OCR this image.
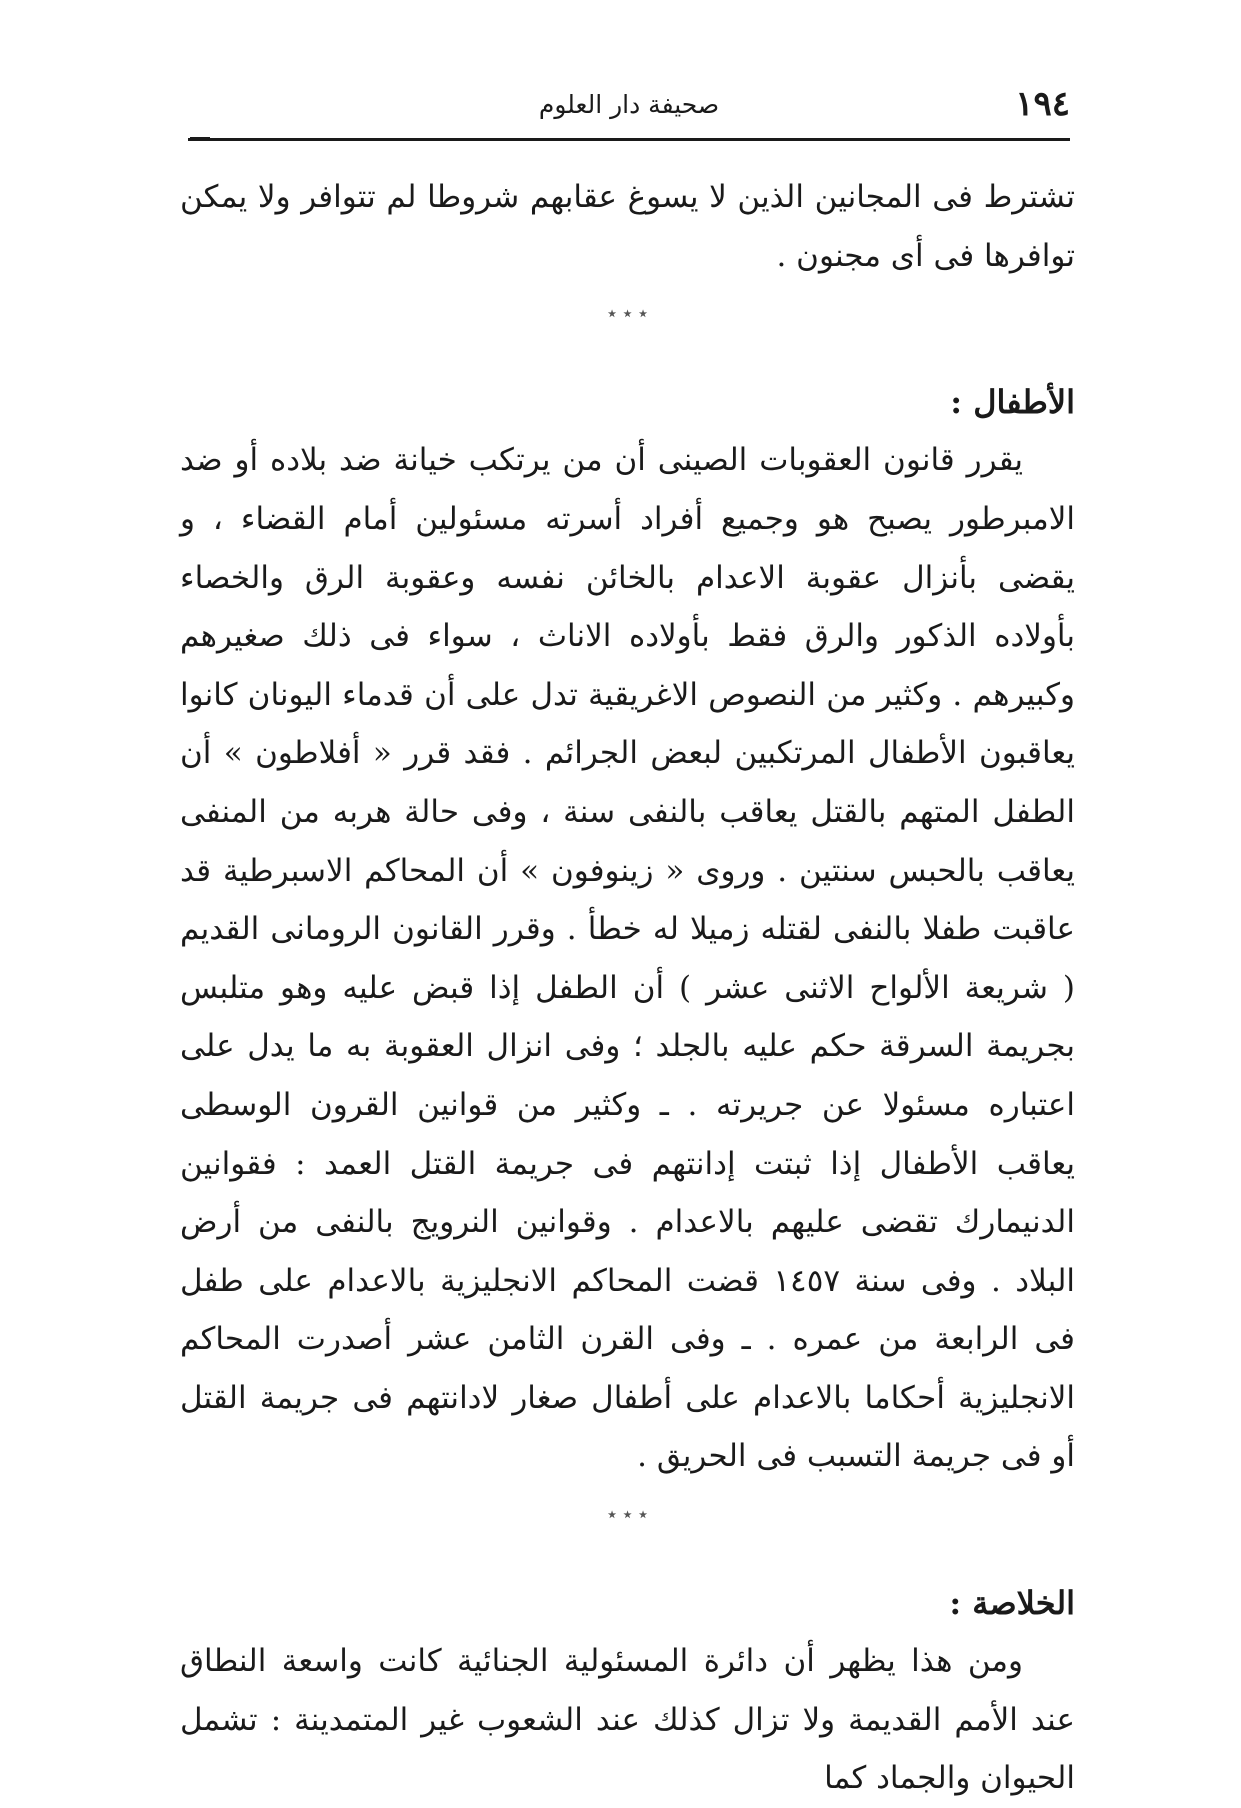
١٩٤
صحيفة دار العلوم

تشترط فى المجانين الذين لا يسوغ عقابهم شروطا لم تتوافر ولا يمكن توافرها فى أى مجنون .

٭ ٭ ٭

الأطفال :

يقرر قانون العقوبات الصينى أن من يرتكب خيانة ضد بلاده أو ضد الامبرطور يصبح هو وجميع أفراد أسرته مسئولين أمام القضاء ، و يقضى بأنزال عقوبة الاعدام بالخائن نفسه وعقوبة الرق والخصاء بأولاده الذكور والرق فقط بأولاده الاناث ، سواء فى ذلك صغيرهم وكبيرهم . وكثير من النصوص الاغريقية تدل على أن قدماء اليونان كانوا يعاقبون الأطفال المرتكبين لبعض الجرائم . فقد قرر « أفلاطون » أن الطفل المتهم بالقتل يعاقب بالنفى سنة ، وفى حالة هربه من المنفى يعاقب بالحبس سنتين . وروى « زينوفون » أن المحاكم الاسبرطية قد عاقبت طفلا بالنفى لقتله زميلا له خطأ . وقرر القانون الرومانى القديم ( شريعة الألواح الاثنى عشر ) أن الطفل إذا قبض عليه وهو متلبس بجريمة السرقة حكم عليه بالجلد ؛ وفى انزال العقوبة به ما يدل على اعتباره مسئولا عن جريرته . ـ وكثير من قوانين القرون الوسطى يعاقب الأطفال إذا ثبتت إدانتهم فى جريمة القتل العمد : فقوانين الدنيمارك تقضى عليهم بالاعدام . وقوانين النرويج بالنفى من أرض البلاد . وفى سنة ١٤٥٧ قضت المحاكم الانجليزية بالاعدام على طفل فى الرابعة من عمره . ـ وفى القرن الثامن عشر أصدرت المحاكم الانجليزية أحكاما بالاعدام على أطفال صغار لادانتهم فى جريمة القتل أو فى جريمة التسبب فى الحريق .

٭ ٭ ٭

الخلاصة :

ومن هذا يظهر أن دائرة المسئولية الجنائية كانت واسعة النطاق عند الأمم القديمة ولا تزال كذلك عند الشعوب غير المتمدينة : تشمل الحيوان والجماد كما
